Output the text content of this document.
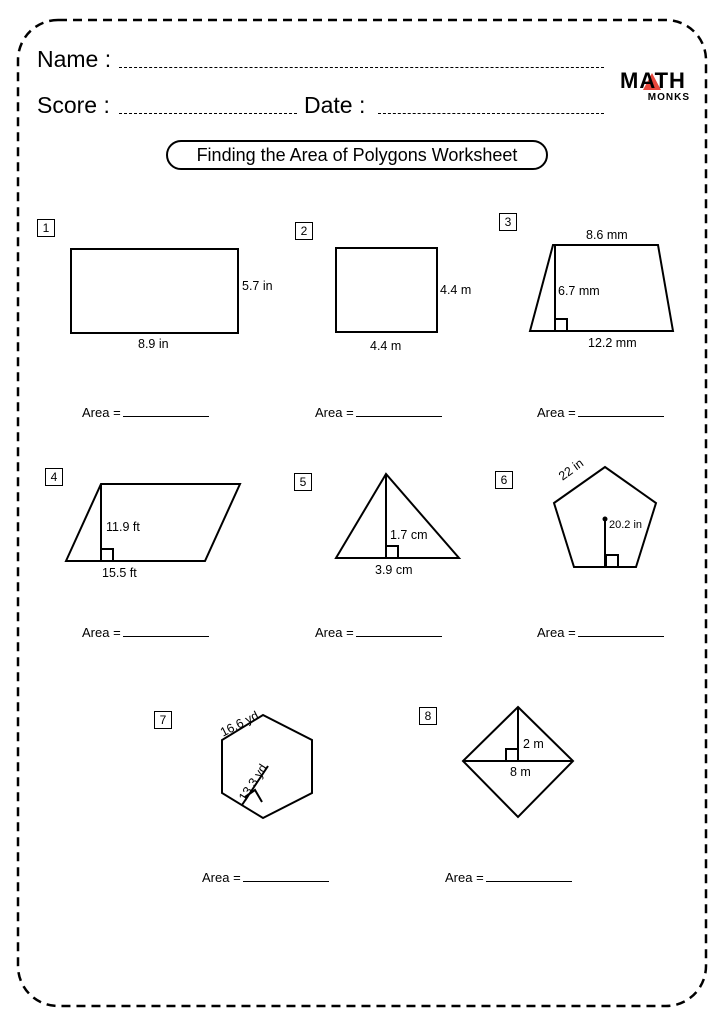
Name :
Score :	Date :
MATH
MONKS
Finding the Area of Polygons Worksheet
1
5.7 in
8.9 in
Area =
2
4.4 m
4.4 m
Area =
3
8.6 mm
6.7 mm
12.2 mm
Area =
4
11.9 ft
15.5 ft
Area =
5
1.7 cm
3.9 cm
Area =
6	22 in
20.2 in
Area =
7	16.6 yd
13.3 yd
Area =
8
2 m
8 m
Area =
